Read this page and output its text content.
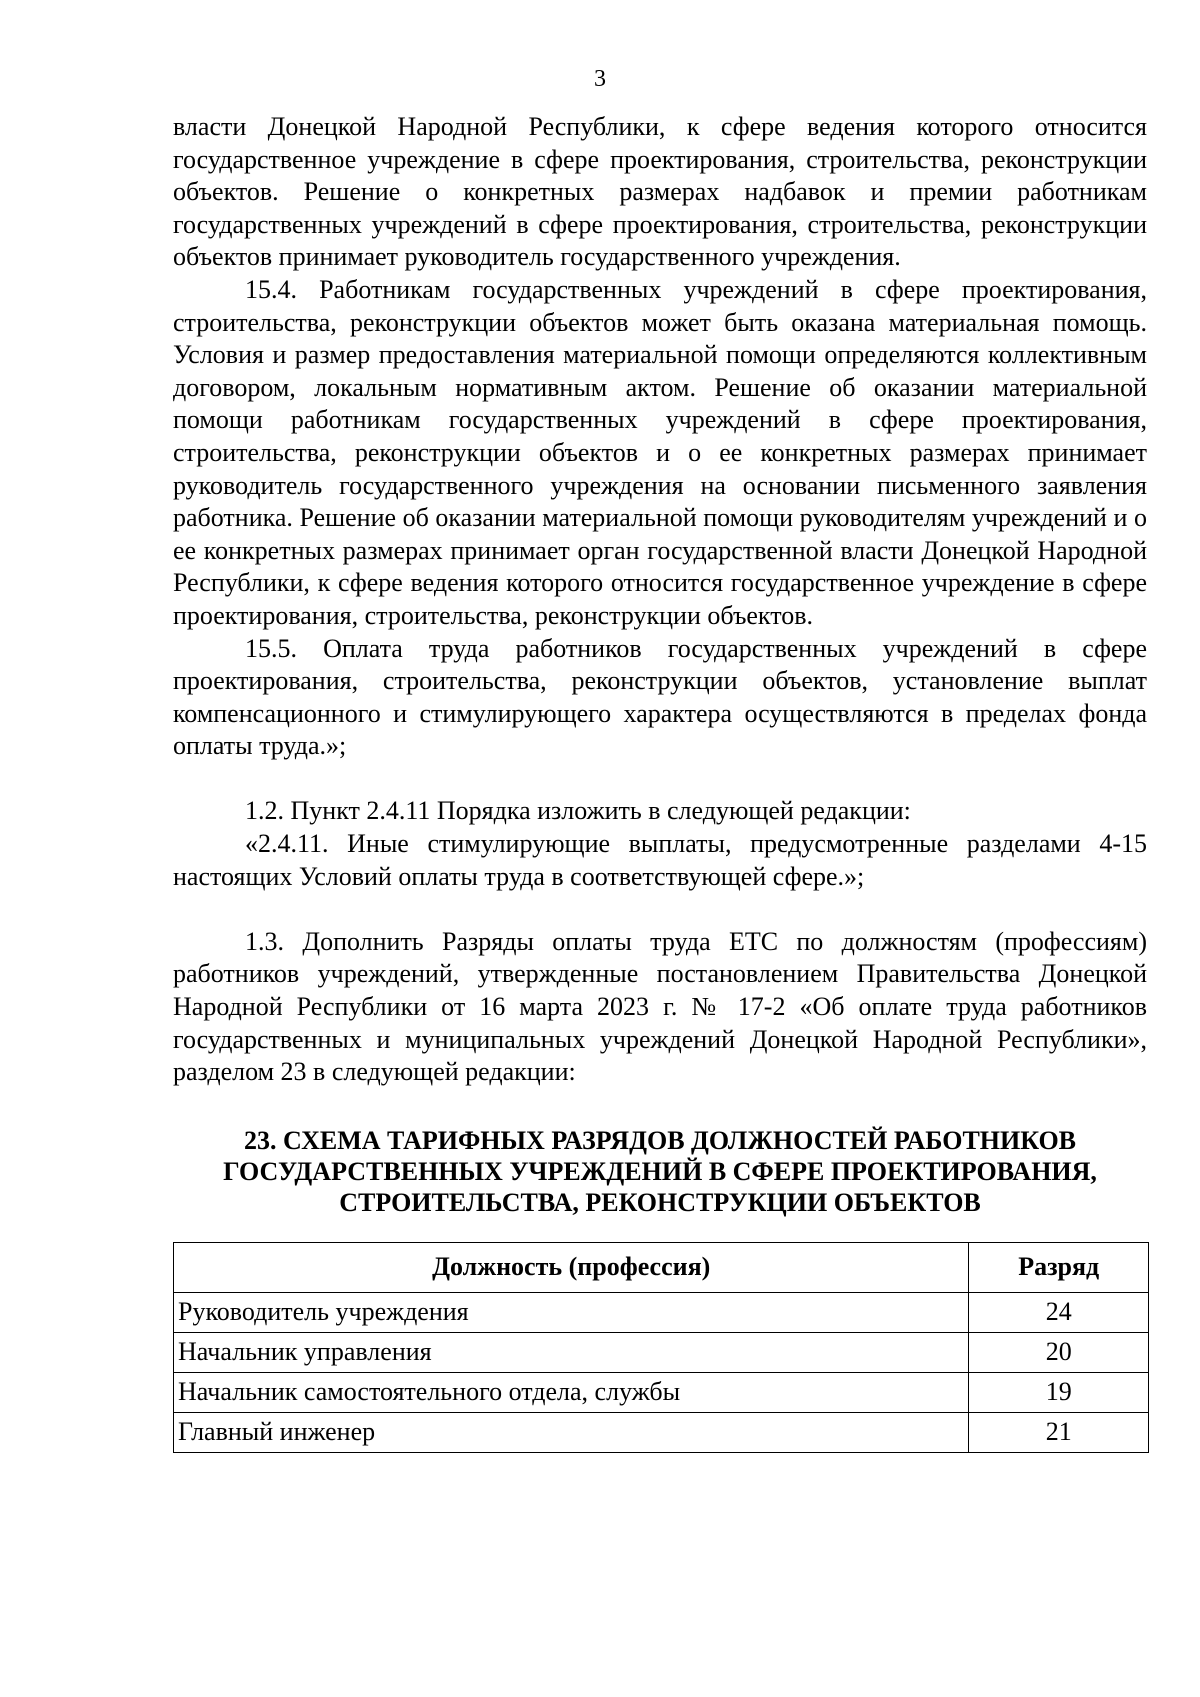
3

власти Донецкой Народной Республики, к сфере ведения которого относится государственное учреждение в сфере проектирования, строительства, реконструкции объектов. Решение о конкретных размерах надбавок и премии работникам государственных учреждений в сфере проектирования, строительства, реконструкции объектов принимает руководитель государственного учреждения.

15.4. Работникам государственных учреждений в сфере проектирования, строительства, реконструкции объектов может быть оказана материальная помощь. Условия и размер предоставления материальной помощи определяются коллективным договором, локальным нормативным актом. Решение об оказании материальной помощи работникам государственных учреждений в сфере проектирования, строительства, реконструкции объектов и о ее конкретных размерах принимает руководитель государственного учреждения на основании письменного заявления работника. Решение об оказании материальной помощи руководителям учреждений и о ее конкретных размерах принимает орган государственной власти Донецкой Народной Республики, к сфере ведения которого относится государственное учреждение в сфере проектирования, строительства, реконструкции объектов.

15.5. Оплата труда работников государственных учреждений в сфере проектирования, строительства, реконструкции объектов, установление выплат компенсационного и стимулирующего характера осуществляются в пределах фонда оплаты труда.»;

1.2. Пункт 2.4.11 Порядка изложить в следующей редакции:

«2.4.11. Иные стимулирующие выплаты, предусмотренные разделами 4-15 настоящих Условий оплаты труда в соответствующей сфере.»;

1.3. Дополнить Разряды оплаты труда ЕТС по должностям (профессиям) работников учреждений, утвержденные постановлением Правительства Донецкой Народной Республики от 16 марта 2023 г. № 17-2 «Об оплате труда работников государственных и муниципальных учреждений Донецкой Народной Республики», разделом 23 в следующей редакции:

23. СХЕМА ТАРИФНЫХ РАЗРЯДОВ ДОЛЖНОСТЕЙ РАБОТНИКОВ ГОСУДАРСТВЕННЫХ УЧРЕЖДЕНИЙ В СФЕРЕ ПРОЕКТИРОВАНИЯ, СТРОИТЕЛЬСТВА, РЕКОНСТРУКЦИИ ОБЪЕКТОВ
Должность (профессия)	Разряд
Руководитель учреждения	24
Начальник управления	20
Начальник самостоятельного отдела, службы	19
Главный инженер	21
